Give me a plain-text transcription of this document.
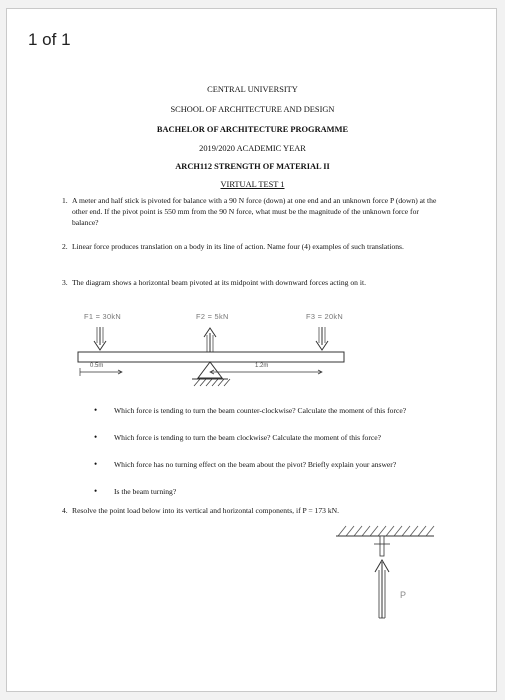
1 of 1
CENTRAL UNIVERSITY
SCHOOL OF ARCHITECTURE AND DESIGN
BACHELOR OF ARCHITECTURE PROGRAMME
2019/2020 ACADEMIC YEAR
ARCH112 STRENGTH OF MATERIAL II
VIRTUAL TEST 1
1. A meter and half stick is pivoted for balance with a 90 N force (down) at one end and an unknown force P (down) at the other end. If the pivot point is 550 mm from the 90 N force, what must be the magnitude of the unknown force for balance?
2. Linear force produces translation on a body in its line of action. Name four (4) examples of such translations.
3. The diagram shows a horizontal beam pivoted at its midpoint with downward forces acting on it.
F1 = 30kN	F2 = 5kN	F3 = 20kN
0.5m	1.2m
•	Which force is tending to turn the beam counter-clockwise? Calculate the moment of this force?
•	Which force is tending to turn the beam clockwise? Calculate the moment of this force?
•	Which force has no turning effect on the beam about the pivot? Briefly explain your answer?
•	Is the beam turning?
4. Resolve the point load below into its vertical and horizontal components, if P = 173 kN.
P
